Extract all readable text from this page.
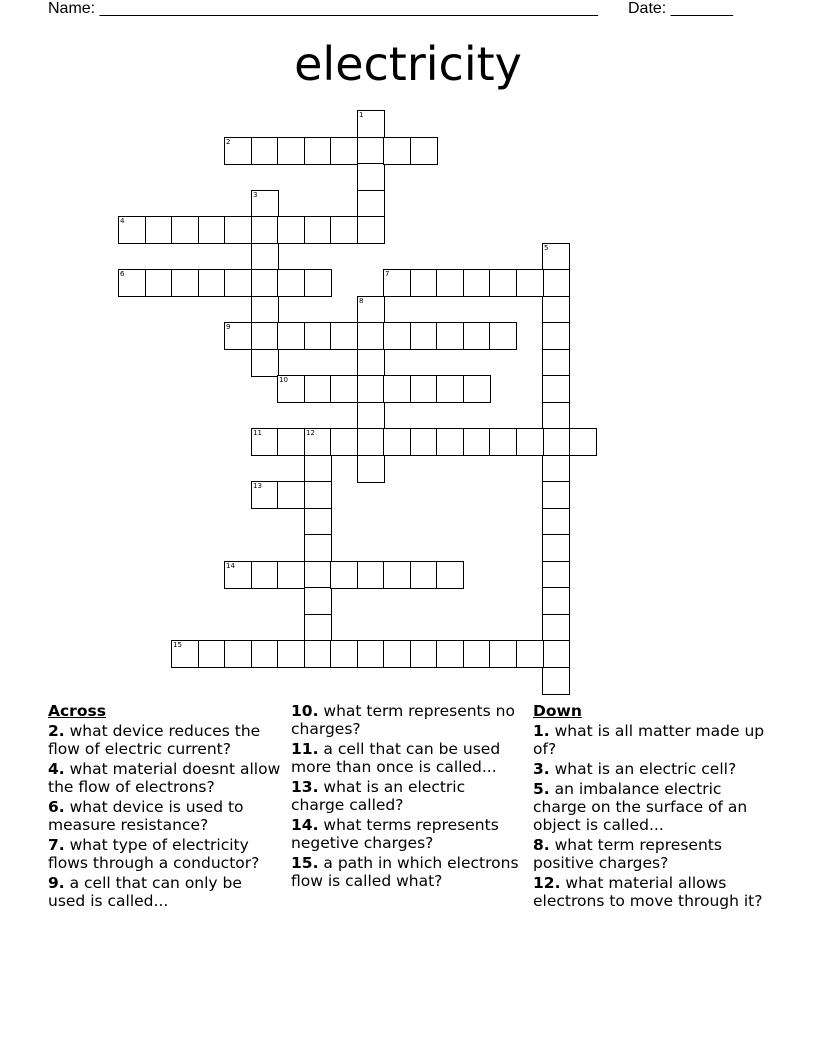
Name: ________________________________________________________ Date: _______
electricity
1
2
3
4
5
6	7
8
9
10
11	12
13
14
15
Across
2. what device reduces the flow of electric current?
4. what material doesnt allow the flow of electrons?
6. what device is used to measure resistance?
7. what type of electricity flows through a conductor?
9. a cell that can only be used is called...
10. what term represents no charges?
11. a cell that can be used more than once is called...
13. what is an electric charge called?
14. what terms represents negetive charges?
15. a path in which electrons flow is called what?
Down
1. what is all matter made up of?
3. what is an electric cell?
5. an imbalance electric charge on the surface of an object is called...
8. what term represents positive charges?
12. what material allows electrons to move through it?
